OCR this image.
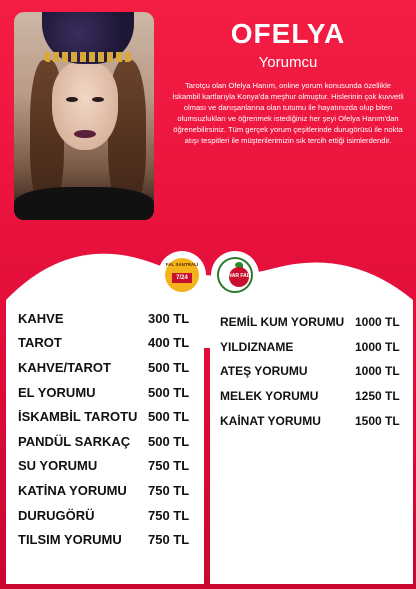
OFELYA
Yorumcu
Tarotçu olan Ofelya Hanım, online yorum konusunda özellikle İskambil kartlarıyla Konya'da meşhur olmuştur. Hislerinin çok kuvvetli olması ve danışanlarına olan tutumu ile hayatınızda olup biten olumsuzlukları ve öğrenmek istediğiniz her şeyi Ofelya Hanım'dan öğrenebilirsiniz. Tüm gerçek yorum çeşitlerinde durugörüsü ile nokta atışı tespitleri ile müşterilerimizin sık tercih ettiği isimlerdendir.
FAL SANTRALİ
7/24	NAR FAL
KAHVE	300 TL
TAROT	400 TL
KAHVE/TAROT	500 TL
EL YORUMU	500 TL
İSKAMBİL TAROTU 500 TL
PANDÜL SARKAÇ 500 TL
SU YORUMU	750 TL
KATİNA YORUMU 750 TL
DURUGÖRÜ	750 TL
TILSIM YORUMU 750 TL
REMİL KUM YORUMU 1000 TL
YILDIZNAME	1000 TL
ATEŞ YORUMU	1000 TL
MELEK YORUMU	1250 TL
KAİNAT YORUMU	1500 TL
